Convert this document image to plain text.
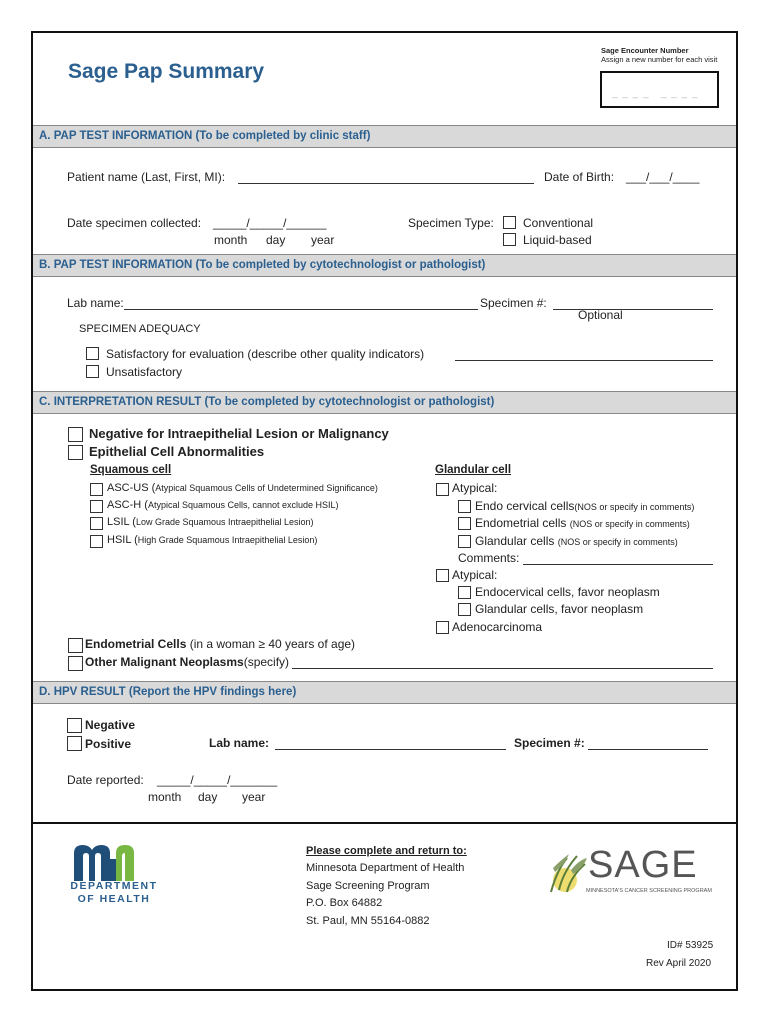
Sage Pap Summary
Sage Encounter Number
Assign a new number for each visit
_ _ _ _   _ _ _ _
A. PAP TEST INFORMATION (To be completed by clinic staff)
Patient name (Last, First, MI):	Date of Birth: ___/___/____
Date specimen collected: _____/_____/______
month day year
Specimen Type: Conventional
Liquid-based
B. PAP TEST INFORMATION (To be completed by cytotechnologist or pathologist)
Lab name:	Specimen #:
Optional
SPECIMEN ADEQUACY
Satisfactory for evaluation (describe other quality indicators)
Unsatisfactory
C. INTERPRETATION RESULT (To be completed by cytotechnologist or pathologist)
Negative for Intraepithelial Lesion or Malignancy
Epithelial Cell Abnormalities
Squamous cell
ASC-US (Atypical Squamous Cells of Undetermined Significance)
ASC-H (Atypical Squamous Cells, cannot exclude HSIL)
LSIL (Low Grade Squamous Intraepithelial Lesion)
HSIL (High Grade Squamous Intraepithelial Lesion)
Glandular cell
Atypical:
Endo cervical cells(NOS or specify in comments)
Endometrial cells (NOS or specify in comments)
Glandular cells (NOS or specify in comments)
Comments:
Atypical:
Endocervical cells, favor neoplasm
Glandular cells, favor neoplasm
Adenocarcinoma
Endometrial Cells (in a woman ≥ 40 years of age)
Other Malignant Neoplasms(specify)
D. HPV RESULT (Report the HPV findings here)
Negative
Positive	Lab name:	Specimen #:
Date reported: _____/_____/_______
month day year
DEPARTMENT
OF HEALTH
Please complete and return to:
Minnesota Department of Health
Sage Screening Program
P.O. Box 64882
St. Paul, MN 55164-0882
SAGE
MINNESOTA'S CANCER SCREENING PROGRAM
ID# 53925
Rev April 2020
